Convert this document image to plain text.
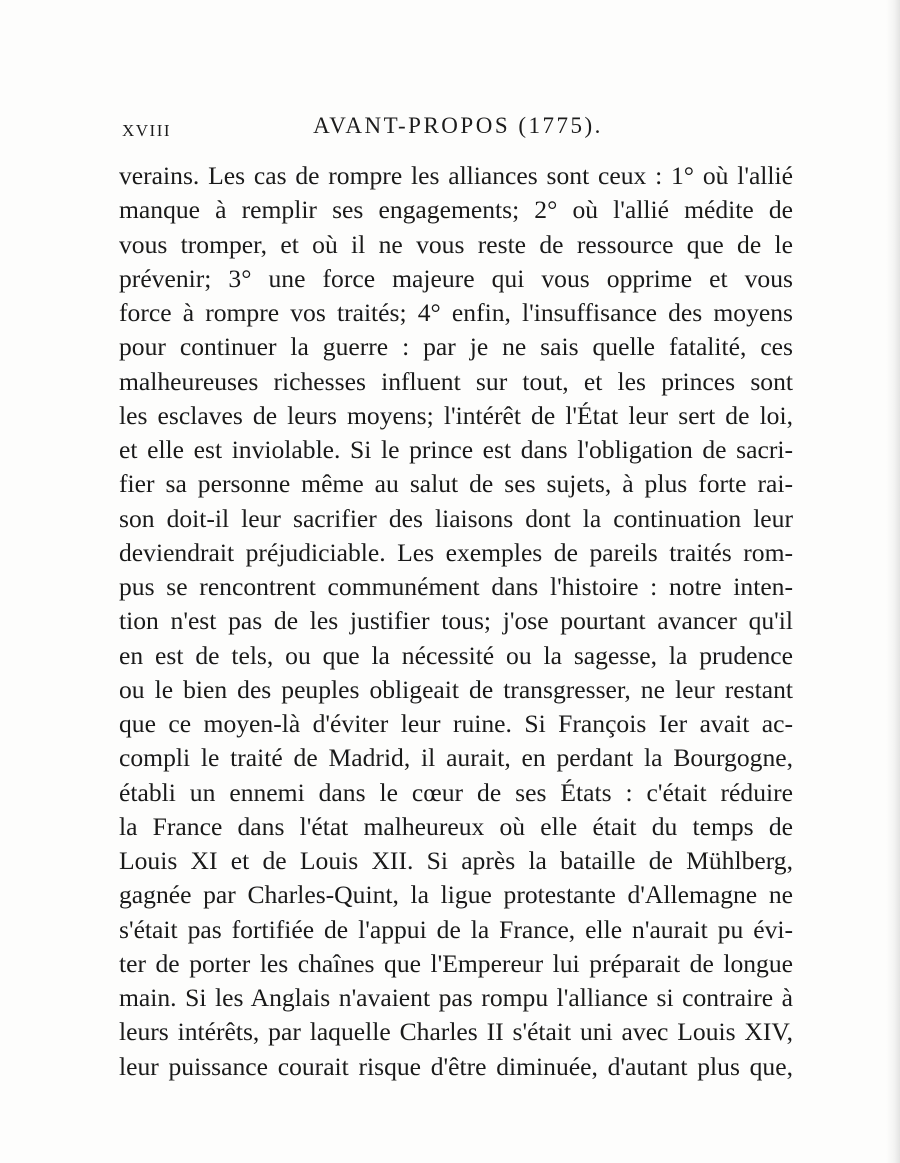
XVIII	AVANT-PROPOS (1775).
verains. Les cas de rompre les alliances sont ceux : 1° où l'allié
manque à remplir ses engagements; 2° où l'allié médite de
vous tromper, et où il ne vous reste de ressource que de le
prévenir; 3° une force majeure qui vous opprime et vous
force à rompre vos traités; 4° enfin, l'insuffisance des moyens
pour continuer la guerre : par je ne sais quelle fatalité, ces
malheureuses richesses influent sur tout, et les princes sont
les esclaves de leurs moyens; l'intérêt de l'État leur sert de loi,
et elle est inviolable. Si le prince est dans l'obligation de sacri-
fier sa personne même au salut de ses sujets, à plus forte rai-
son doit-il leur sacrifier des liaisons dont la continuation leur
deviendrait préjudiciable. Les exemples de pareils traités rom-
pus se rencontrent communément dans l'histoire : notre inten-
tion n'est pas de les justifier tous; j'ose pourtant avancer qu'il
en est de tels, ou que la nécessité ou la sagesse, la prudence
ou le bien des peuples obligeait de transgresser, ne leur restant
que ce moyen-là d'éviter leur ruine. Si François Ier avait ac-
compli le traité de Madrid, il aurait, en perdant la Bourgogne,
établi un ennemi dans le cœur de ses États : c'était réduire
la France dans l'état malheureux où elle était du temps de
Louis XI et de Louis XII. Si après la bataille de Mühlberg,
gagnée par Charles-Quint, la ligue protestante d'Allemagne ne
s'était pas fortifiée de l'appui de la France, elle n'aurait pu évi-
ter de porter les chaînes que l'Empereur lui préparait de longue
main. Si les Anglais n'avaient pas rompu l'alliance si contraire à
leurs intérêts, par laquelle Charles II s'était uni avec Louis XIV,
leur puissance courait risque d'être diminuée, d'autant plus que,
